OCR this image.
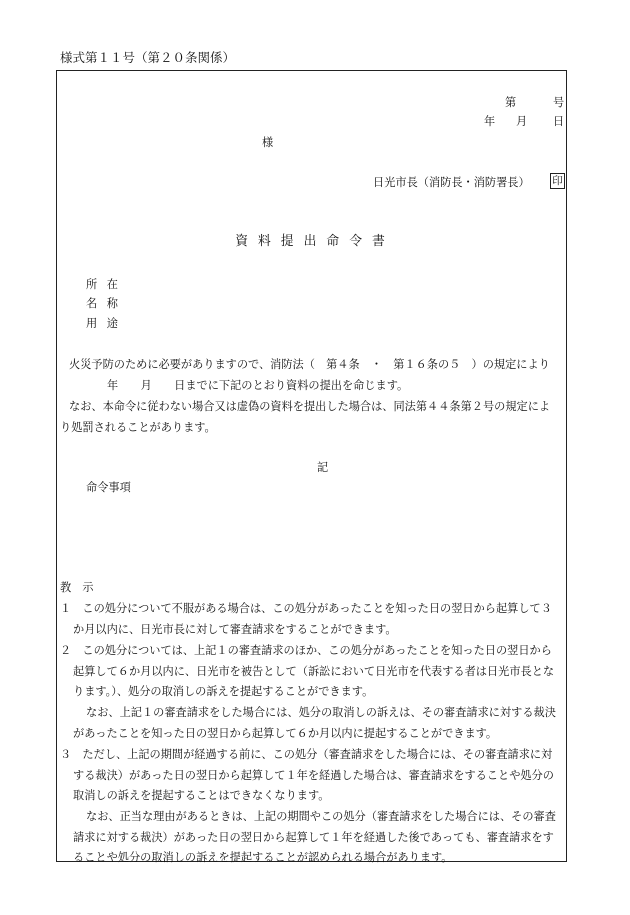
様式第１１号（第２０条関係）
第	号
年 月 日
様
日光市長（消防長・消防署長） 印
資料提出命令書
所 在
名 称
用 途
火災予防のために必要がありますので、消防法（　第４条　・　第１６条の５　）の規定により
年　　月　　日までに下記のとおり資料の提出を命じます。
なお、本命令に従わない場合又は虚偽の資料を提出した場合は、同法第４４条第２号の規定によ
り処罰されることがあります。
記
命令事項
教　示
１　この処分について不服がある場合は、この処分があったことを知った日の翌日から起算して３
か月以内に、日光市長に対して審査請求をすることができます。
２　この処分については、上記１の審査請求のほか、この処分があったことを知った日の翌日から
起算して６か月以内に、日光市を被告として（訴訟において日光市を代表する者は日光市長とな
ります。）、処分の取消しの訴えを提起することができます。
なお、上記１の審査請求をした場合には、処分の取消しの訴えは、その審査請求に対する裁決
があったことを知った日の翌日から起算して６か月以内に提起することができます。
３　ただし、上記の期間が経過する前に、この処分（審査請求をした場合には、その審査請求に対
する裁決）があった日の翌日から起算して１年を経過した場合は、審査請求をすることや処分の
取消しの訴えを提起することはできなくなります。
なお、正当な理由があるときは、上記の期間やこの処分（審査請求をした場合には、その審査
請求に対する裁決）があった日の翌日から起算して１年を経過した後であっても、審査請求をす
ることや処分の取消しの訴えを提起することが認められる場合があります。
